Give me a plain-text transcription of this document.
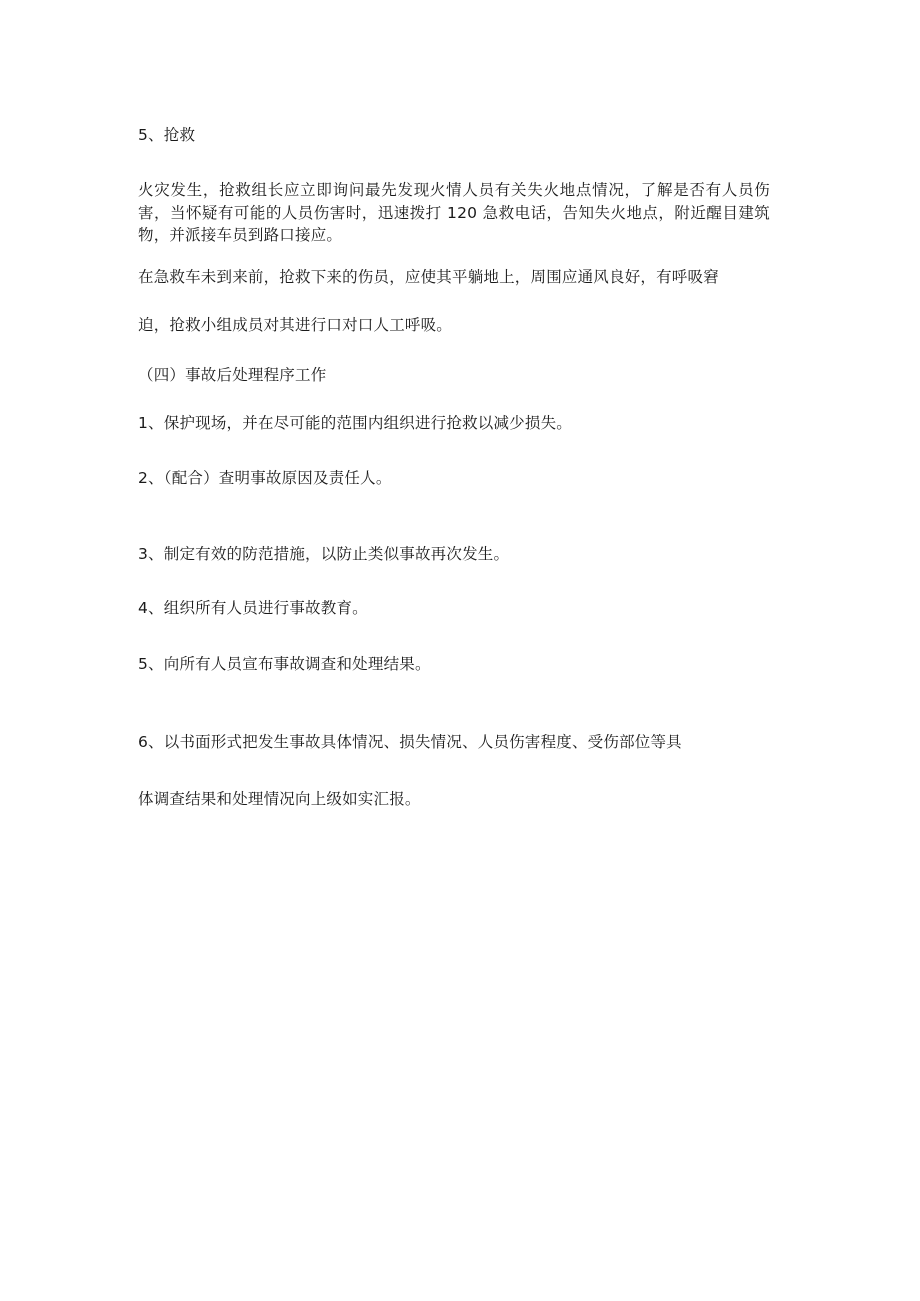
5、抢救
火灾发生，抢救组长应立即询问最先发现火情人员有关失火地点情况，了解是否有人员伤害，当怀疑有可能的人员伤害时，迅速拨打 120 急救电话，告知失火地点，附近醒目建筑物，并派接车员到路口接应。
在急救车未到来前，抢救下来的伤员，应使其平躺地上，周围应通风良好，有呼吸窘
迫，抢救小组成员对其进行口对口人工呼吸。
（四）事故后处理程序工作
1、保护现场，并在尽可能的范围内组织进行抢救以减少损失。
2、（配合）查明事故原因及责任人。
3、制定有效的防范措施，以防止类似事故再次发生。
4、组织所有人员进行事故教育。
5、向所有人员宣布事故调查和处理结果。
6、以书面形式把发生事故具体情况、损失情况、人员伤害程度、受伤部位等具
体调查结果和处理情况向上级如实汇报。
